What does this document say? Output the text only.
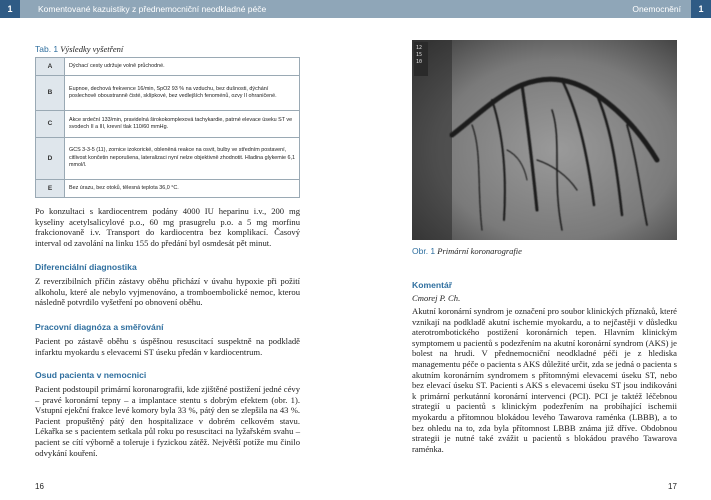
1	Komentované kazuistiky z přednemocniční neodkladné péče	Onemocnění	1
Tab. 1 Výsledky vyšetření
A	Dýchací cesty udržuje volně průchodné.
B	Eupnoe, dechová frekvence 16/min, SpO2 93 % na vzduchu, bez dušnosti, dýchání poslechově oboustranně čisté, sklípkové, bez vedlejších fenoménů, ozvy II ohraničené.
C	Akce srdeční 133/min, pravidelná širokokomplexová tachykardie, patrné elevace úseku ST ve svodech II a III, krevní tlak 110/60 mmHg.
D	GCS 3-3-5 (11), zornice izokorické, obleněná reakce na osvit, bulby ve středním postavení, citlivost končetin neporušena, lateralizaci nyní nelze objektivně zhodnotit. Hladina glykemie 6,1 mmol/l.
E	Bez úrazu, bez otoků, tělesná teplota 36,0 °C.

Po konzultaci s kardiocentrem podány 4000 IU heparinu i.v., 200 mg kyseliny acetylsalicylové p.o., 60 mg prasugrelu p.o. a 5 mg morfinu frakcionovaně i.v. Transport do kardiocentra bez komplikací. Časový interval od zavolání na linku 155 do předání byl osmdesát pět minut.

Diferenciální diagnostika

Z reverzibilních příčin zástavy oběhu přichází v úvahu hypoxie při požití alkoholu, které ale nebylo vyjmenováno, a tromboembolické nemoc, kterou následně potvrdilo vyšetření po obnovení oběhu.

Pracovní diagnóza a směřování

Pacient po zástavě oběhu s úspěšnou resuscitací suspektně na podkladě infarktu myokardu s elevacemi ST úseku předán v kardiocentrum.

Osud pacienta v nemocnici

Pacient podstoupil primární koronarografii, kde zjištěné postižení jedné cévy – pravé koronární tepny – a implantace stentu s dobrým efektem (obr. 1). Vstupní ejekční frakce levé komory byla 33 %, pátý den se zlepšila na 43 %. Pacient propuštěný pátý den hospitalizace v dobrém celkovém stavu. Lékařka se s pacientem setkala půl roku po resuscitaci na lyžařském svahu – pacient se cítí výborně a toleruje i fyzickou zátěž. Největší potíže mu činilo odvykání kouření.

16
12
15
10
Obr. 1 Primární koronarografie
Komentář

Cmorej P. Ch.

Akutní koronární syndrom je označení pro soubor klinických příznaků, které vznikají na podkladě akutní ischemie myokardu, a to nejčastěji v důsledku aterotrombotického postižení koronárních tepen. Hlavním klinickým symptomem u pacientů s podezřením na akutní koronární syndrom (AKS) je bolest na hrudi. V přednemocniční neodkladné péči je z hlediska managementu péče o pacienta s AKS důležité určit, zda se jedná o pacienta s akutním koronárním syndromem s přítomnými elevacemi úseku ST, nebo bez elevací úseku ST. Pacienti s AKS s elevacemi úseku ST jsou indikováni k primární perkutánní koronární intervenci (PCI). PCI je taktéž léčebnou strategií u pacientů s klinickým podezřením na probíhající ischemii myokardu a přítomnou blokádou levého Tawarova raménka (LBBB), a to bez ohledu na to, zda byla přítomnost LBBB známa již dříve. Obdobnou strategii je nutné také zvážit u pacientů s blokádou pravého Tawarova raménka.

17
